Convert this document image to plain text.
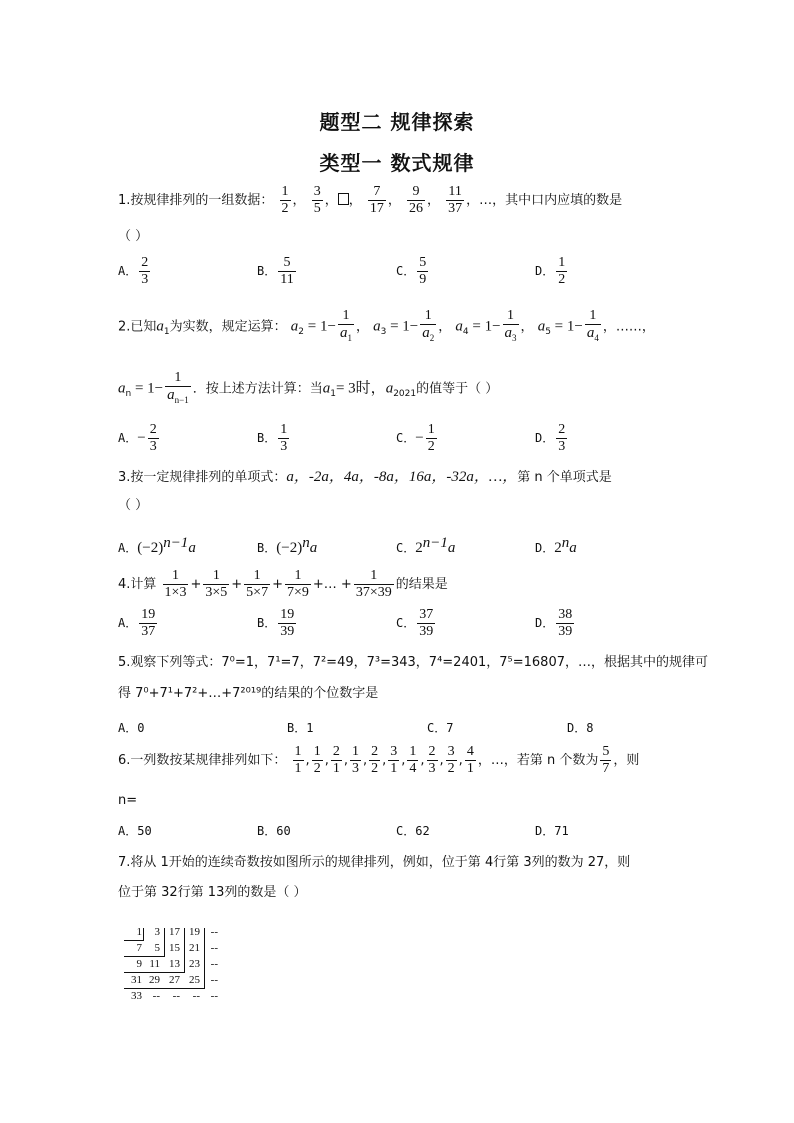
题型二 规律探索
类型一 数式规律
1.按规律排列的一组数据： $\frac{1}{2}$ ， $\frac{3}{5}$ ， ， $\frac{7}{17}$ ， $\frac{9}{26}$ ， $\frac{11}{37}$ ，…，其中口内应填的数是
（ ）
A． $\frac{2}{3}$	B． $\frac{5}{11}$	C． $\frac{5}{9}$	D． $\frac{1}{2}$
2.已知$a_1$为实数，规定运算： $a_2 = 1- \frac{1}{a_1}$ ， $a_3 = 1- \frac{1}{a_2}$ ， $a_4 = 1- \frac{1}{a_3}$ ， $a_5 = 1- \frac{1}{a_4}$ ，……，
$a_n = 1- \frac{1}{a_{n-1}}$ ．按上述方法计算：当$a_1= 3$时，$a_{2021}$的值等于（ ）
A．− $\frac{2}{3}$	B． $\frac{1}{3}$	C．− $\frac{1}{2}$	D． $\frac{2}{3}$
3.按一定规律排列的单项式：a，-2a，4a，-8a，16a，-32a，…，第 n 个单项式是
（ ）
A．$(-2)^{n-1}a$	B．$(-2)^na$	C．$2^{n-1}a$	D．2$^n$a
4.计算 $\frac{1}{1\times 3} + \frac{1}{3\times 5} + \frac{1}{5\times 7} + \frac{1}{7\times 9}$ +… + $\frac{1}{37\times 39}$ 的结果是
A． $\frac{19}{37}$	B． $\frac{19}{39}$	C． $\frac{37}{39}$	D． $\frac{38}{39}$
5.观察下列等式：7⁰=1，7¹=7，7²=49，7³=343，7⁴=2401，7⁵=16807，…，根据其中的规律可
得 7⁰+7¹+7²+…+7²⁰¹⁹的结果的个位数字是
A．0	B．1	C．7	D．8
6.一列数按某规律排列如下： $\frac{1}{1}$ , $\frac{1}{2}$ , $\frac{2}{1}$ , $\frac{1}{3}$ , $\frac{2}{2}$ , $\frac{3}{1}$ , $\frac{1}{4}$ , $\frac{2}{3}$ , $\frac{3}{2}$ , $\frac{4}{1}$ ，…，若第 n 个数为 $\frac{5}{7}$ ，则
n=
A．50	B．60	C．62	D．71
7.将从 1开始的连续奇数按如图所示的规律排列，例如，位于第 4行第 3列的数为 27，则
位于第 32行第 13列的数是（ ）
1	3 17 19 --
7	5 15 21 --
9 11 13 23 --
31 29 27 25 --
33 --	--	-- --
